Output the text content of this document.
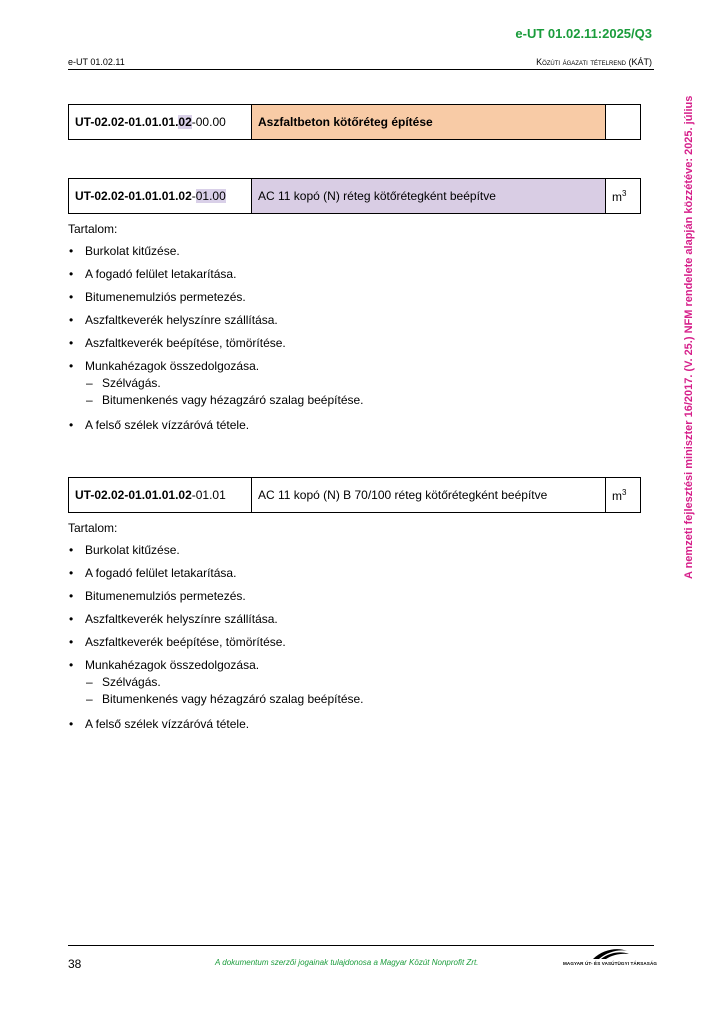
e-UT 01.02.11:2025/Q3
e-UT 01.02.11	Közúti ágazati tételrend (KÁT)
A nemzeti fejlesztési miniszter 16/2017. (V. 25.) NFM rendelete alapján közzétéve: 2025. július
UT-02.02-01.01.01.02-00.00	Aszfaltbeton kötőréteg építése	
UT-02.02-01.01.01.02-01.00	AC 11 kopó (N) réteg kötőrétegként beépítve	$m^3$
Tartalom:
• Burkolat kitűzése.
• A fogadó felület letakarítása.
• Bitumenemulziós permetezés.
• Aszfaltkeverék helyszínre szállítása.
• Aszfaltkeverék beépítése, tömörítése.
• Munkahézagok összedolgozása.
– Szélvágás.
– Bitumenkenés vagy hézagzáró szalag beépítése.
• A felső szélek vízzáróvá tétele.
UT-02.02-01.01.01.02-01.01	AC 11 kopó (N) B 70/100 réteg kötőrétegként beépítve	$m^3$
Tartalom:
• Burkolat kitűzése.
• A fogadó felület letakarítása.
• Bitumenemulziós permetezés.
• Aszfaltkeverék helyszínre szállítása.
• Aszfaltkeverék beépítése, tömörítése.
• Munkahézagok összedolgozása.
– Szélvágás.
– Bitumenkenés vagy hézagzáró szalag beépítése.
• A felső szélek vízzáróvá tétele.
38	A dokumentum szerzői jogainak tulajdonosa a Magyar Közút Nonprofit Zrt.	MAGYAR ÚT- ÉS VASÚTÜGYI TÁRSASÁG
